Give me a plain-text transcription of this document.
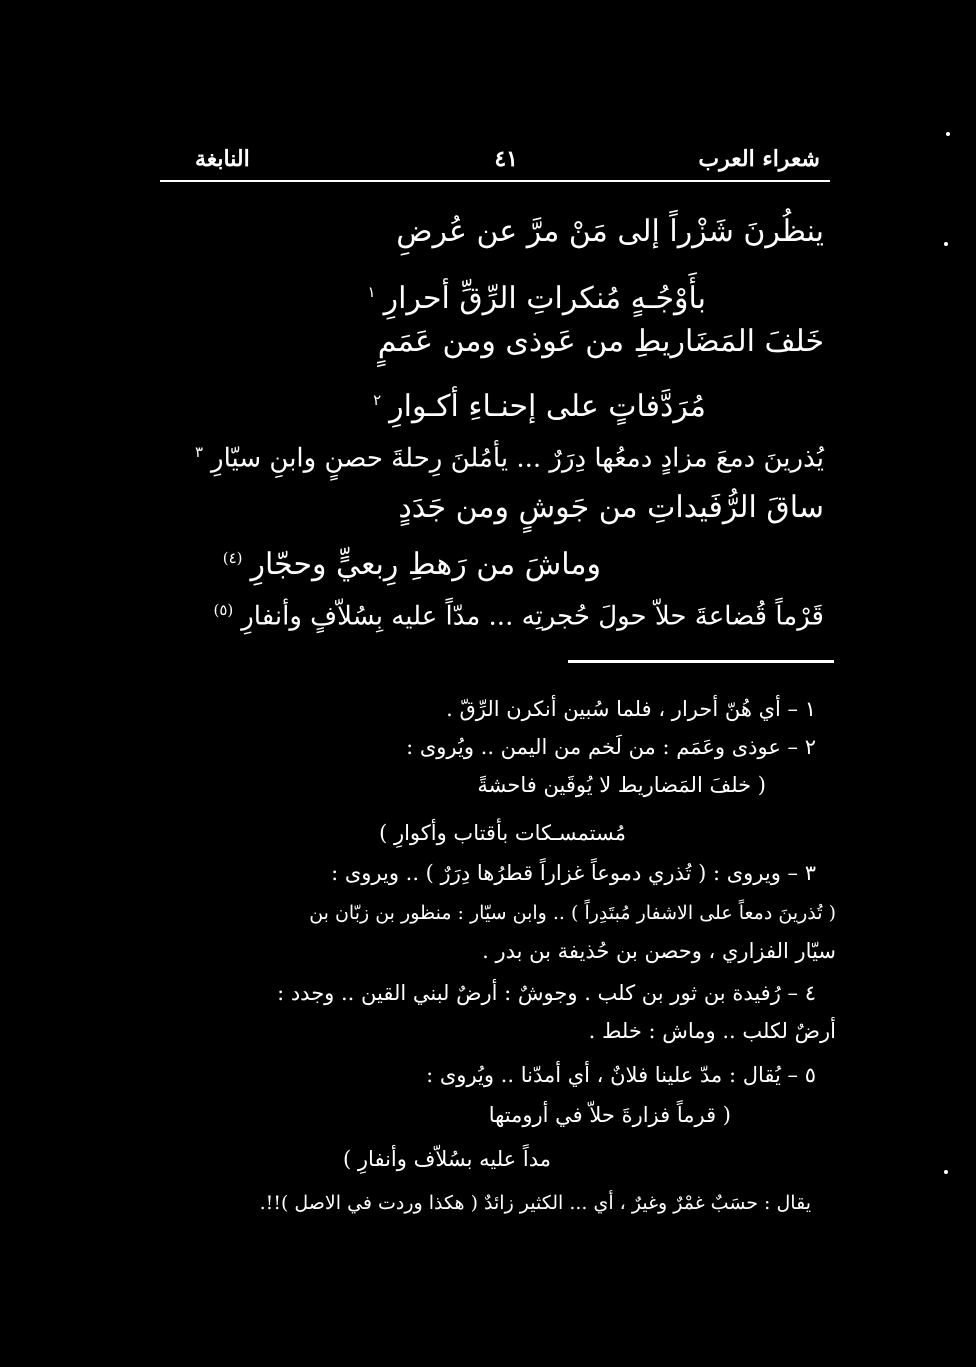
شعراء العرب
٤١
النابغة
ينظُرنَ شَزْراً إلى مَنْ مرَّ عن عُرضِ
بأَوْجُـهٍ مُنكراتِ الرِّقِّ أحرارِ$^١$
خَلفَ المَضَاريطِ من عَوذى ومن عَمَمٍ
مُرَدَّفاتٍ على إحنـاءِ أكـوارِ$^٢$
يُذرينَ دمعَ مزادٍ دمعُها دِرَرٌ ... يأمُلنَ رِحلةَ حصنٍ وابنِ سيّارِ$^٣$
ساقَ الرُّفَيداتِ من جَوشٍ ومن جَدَدٍ
وماشَ من رَهطِ رِبعيٍّ وحجّارِ$^{(٤)}$
قَرْماً قُضاعةَ حلاّ حولَ حُجرتِه ... مدّاً عليه بِسُلاّفٍ وأنفارِ$^{(٥)}$
١ – أي هُنّ أحرار ، فلما سُبين أنكرن الرِّقّ .
٢ – عوذى وعَمَم : من لَخم من اليمن .. ويُروى :
( خلفَ المَضاريط لا يُوقَين فاحشةً
مُستمسـكات بأقتاب وأكوارِ )
٣ – ويروى : ( تُذري دموعاً غزاراً قطرُها دِرَرٌ ) .. ويروى :
( تُذرينَ دمعاً على الاشفار مُبتَدِراً ) .. وابن سيّار : منظور بن زبّان بن
سيّار الفزاري ، وحصن بن حُذيفة بن بدر .
٤ – رُفيدة بن ثور بن كلب . وجوشٌ : أرضٌ لبني القين .. وجدد :
أرضٌ لكلب .. وماش : خلط .
٥ – يُقال : مدّ علينا فلانٌ ، أي أمدّنا .. ويُروى :
( قرماً فزارةَ حلاّ في أرومتها
مداً عليه بسُلاّف وأنفارِ )
يقال : حسَبٌ غمْرٌ وغيرٌ ، أي ... الكثير زائدٌ ( هكذا وردت في الاصل )!!.
